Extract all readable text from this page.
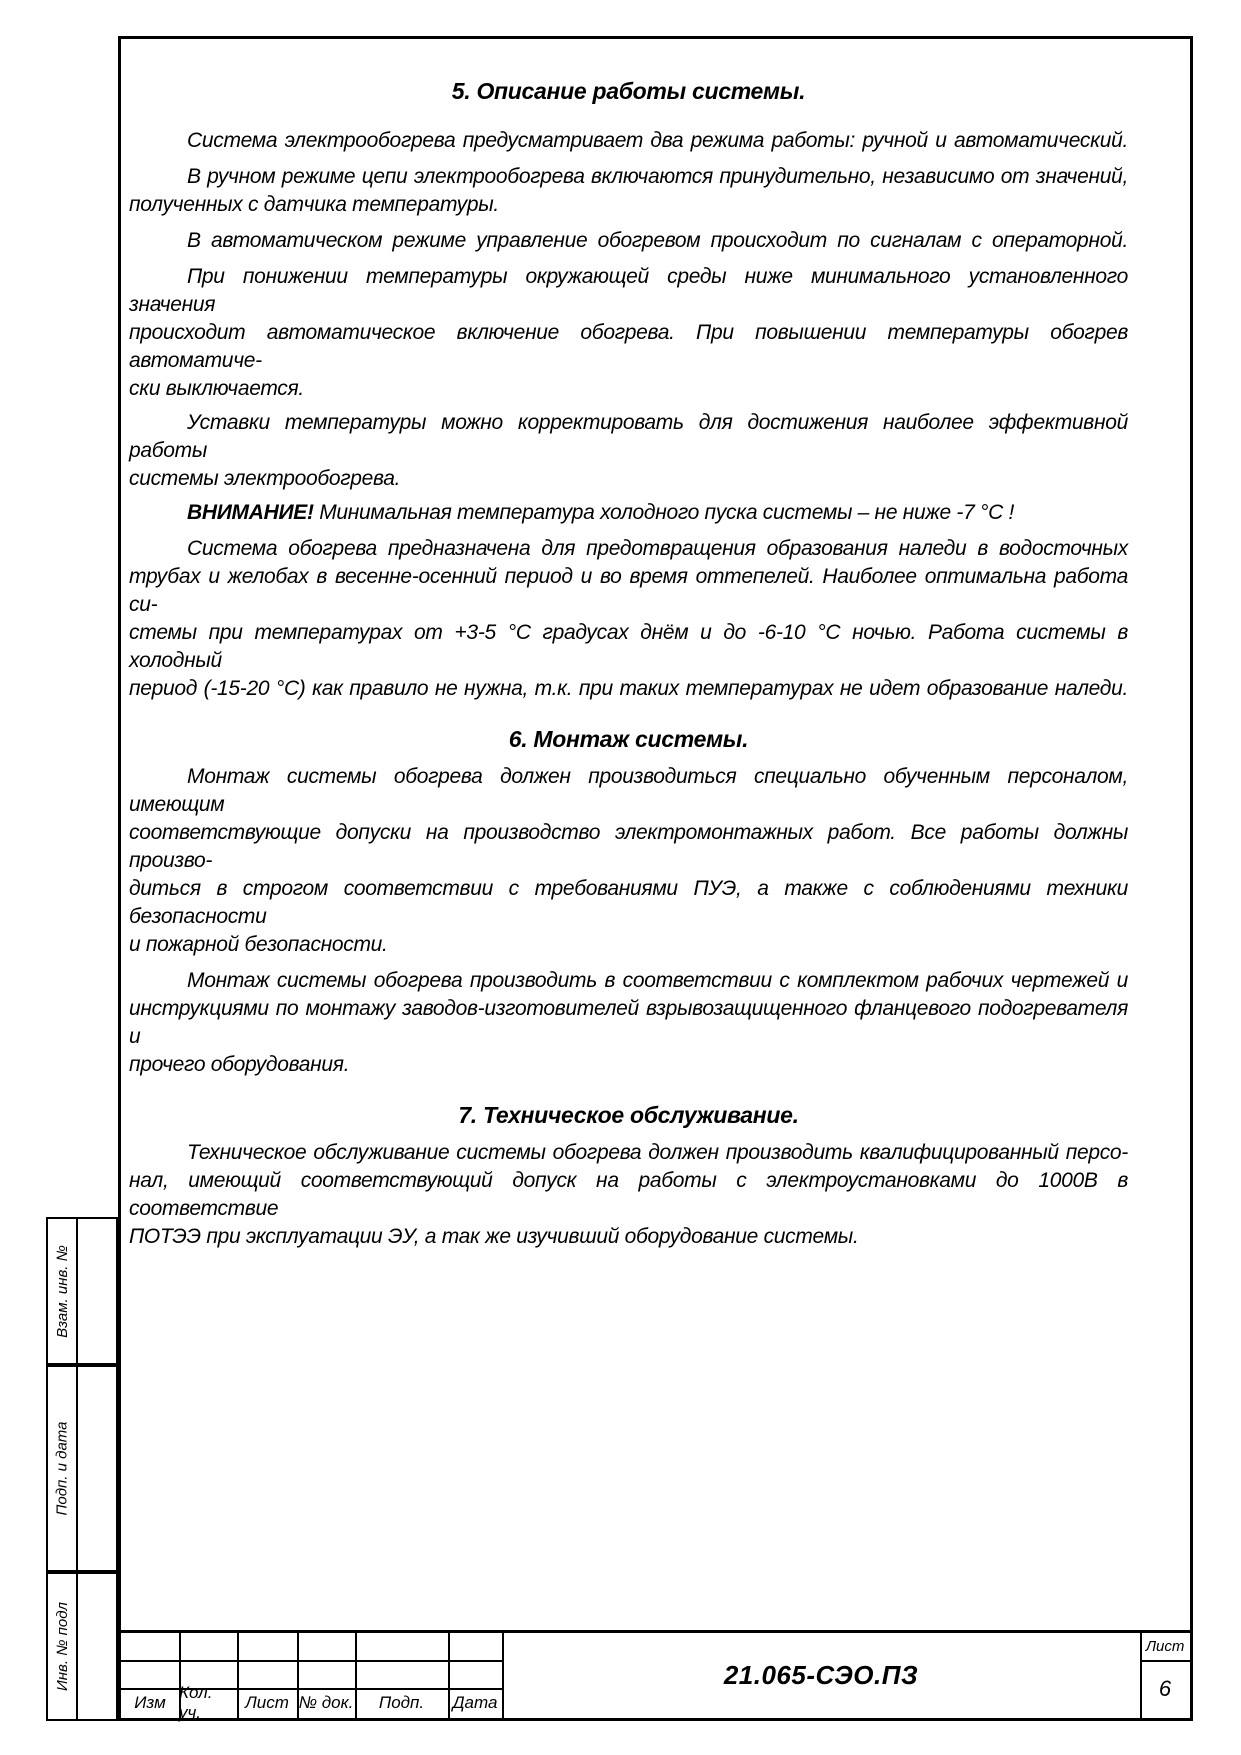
5. Описание работы системы.
Система электрообогрева предусматривает два режима работы: ручной и автоматический.
В ручном режиме цепи электрообогрева включаются принудительно, независимо от значений,
полученных с датчика температуры.
В автоматическом режиме управление обогревом происходит по сигналам с операторной.
При понижении температуры окружающей среды ниже минимального установленного значения
происходит автоматическое включение обогрева. При повышении температуры обогрев автоматиче-
ски выключается.
Уставки температуры можно корректировать для достижения наиболее эффективной работы
системы электрообогрева.
ВНИМАНИЕ! Минимальная температура холодного пуска системы – не ниже -7 °С !
Система обогрева предназначена для предотвращения образования наледи в водосточных
трубах и желобах в весенне-осенний период и во время оттепелей. Наиболее оптимальна работа си-
стемы при температурах от +3-5 °С градусах днём и до -6-10 °С ночью. Работа системы в холодный
период (-15-20 °С) как правило не нужна, т.к. при таких температурах не идет образование наледи.
6. Монтаж системы.
Монтаж системы обогрева должен производиться специально обученным персоналом, имеющим
соответствующие допуски на производство электромонтажных работ. Все работы должны произво-
диться в строгом соответствии с требованиями ПУЭ, а также с соблюдениями техники безопасности
и пожарной безопасности.
Монтаж системы обогрева производить в соответствии с комплектом рабочих чертежей и
инструкциями по монтажу заводов-изготовителей взрывозащищенного фланцевого подогревателя и
прочего оборудования.
7. Техническое обслуживание.
Техническое обслуживание системы обогрева должен производить квалифицированный персо-
нал, имеющий соответствующий допуск на работы с электроустановками до 1000В в соответствие
ПОТЭЭ при эксплуатации ЭУ, а так же изучивший оборудование системы.
Взам. инв. №
Подп. и дата
Инв. № подл
Изм
Кол. уч.
Лист № док.	Подп.	Дата
21.065-СЭО.ПЗ
Лист
6
